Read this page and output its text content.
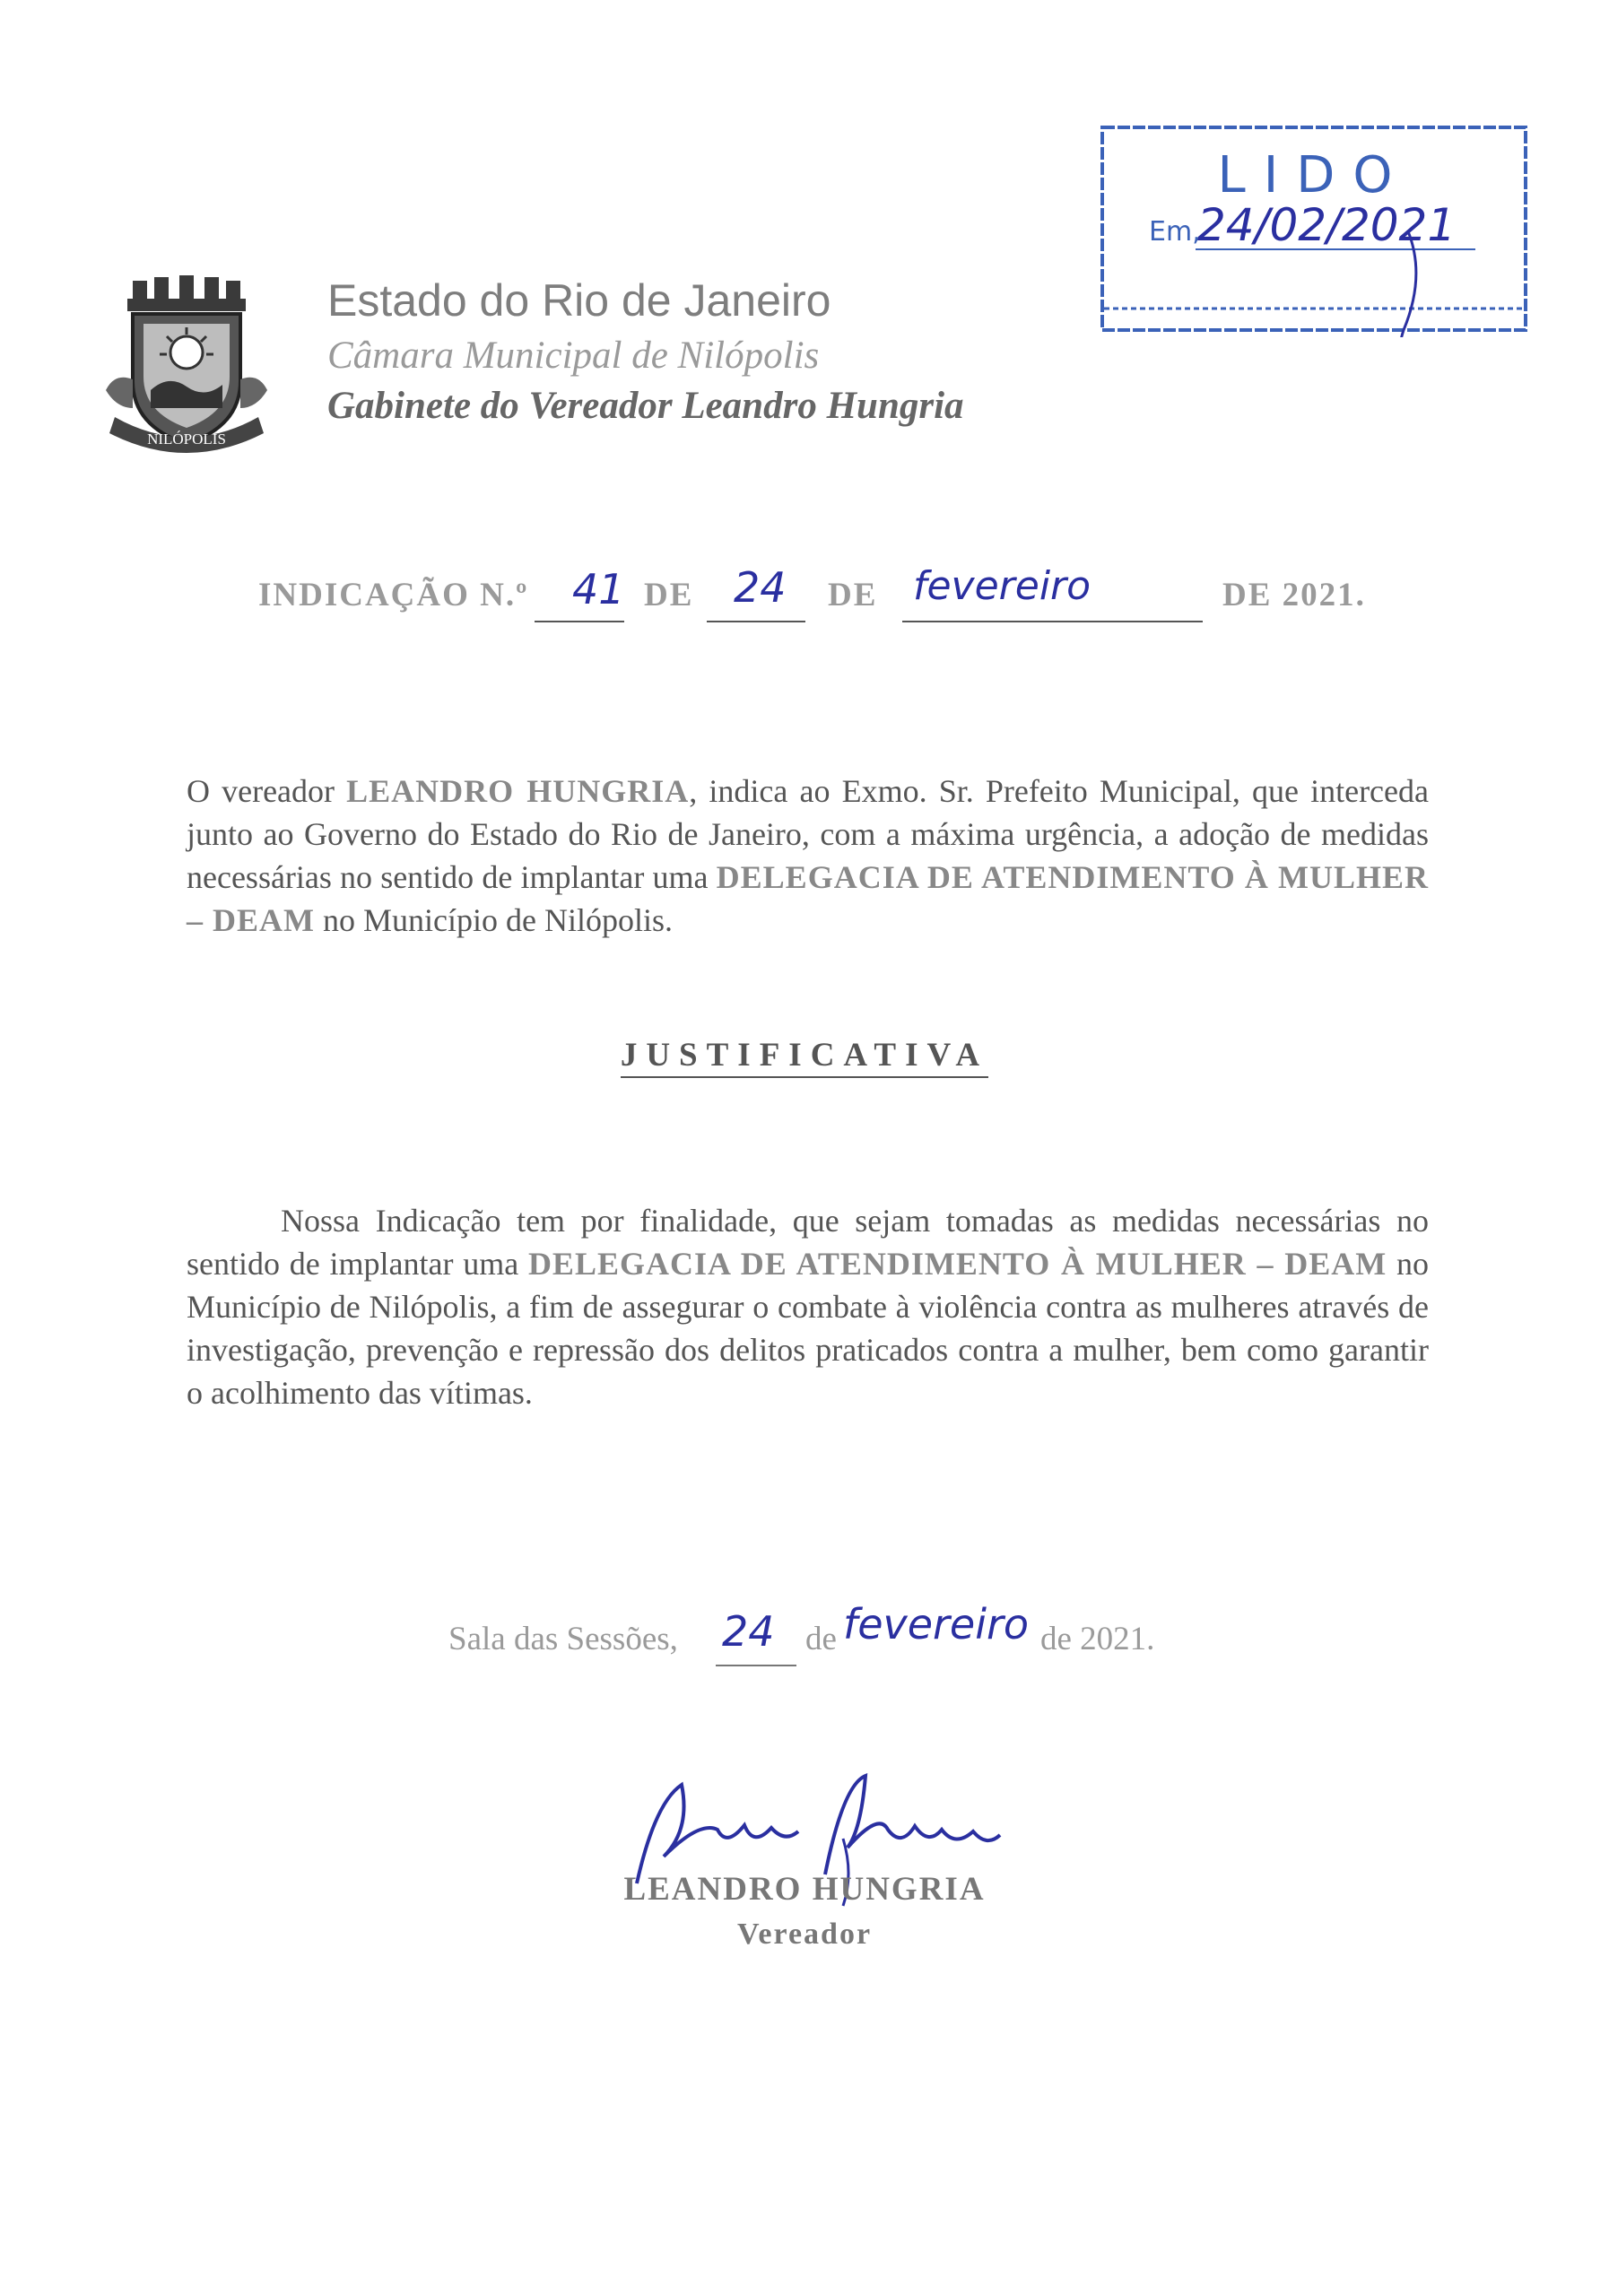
NILÓPOLIS
Estado do Rio de Janeiro
Câmara Municipal de Nilópolis
Gabinete do Vereador Leandro Hungria
LIDO
Em,
24/02/2021
INDICAÇÃO N.º 41 DE 24 DE fevereiro	DE 2021.
O vereador LEANDRO HUNGRIA, indica ao Exmo. Sr. Prefeito Municipal, que interceda junto ao Governo do Estado do Rio de Janeiro, com a máxima urgência, a adoção de medidas necessárias no sentido de implantar uma DELEGACIA DE ATENDIMENTO À MULHER – DEAM no Município de Nilópolis.
JUSTIFICATIVA
Nossa Indicação tem por finalidade, que sejam tomadas as medidas necessárias no sentido de implantar uma DELEGACIA DE ATENDIMENTO À MULHER – DEAM no Município de Nilópolis, a fim de assegurar o combate à violência contra as mulheres através de investigação, prevenção e repressão dos delitos praticados contra a mulher, bem como garantir o acolhimento das vítimas.
Sala das Sessões, 24 de fevereiro de 2021.
LEANDRO HUNGRIA
Vereador
